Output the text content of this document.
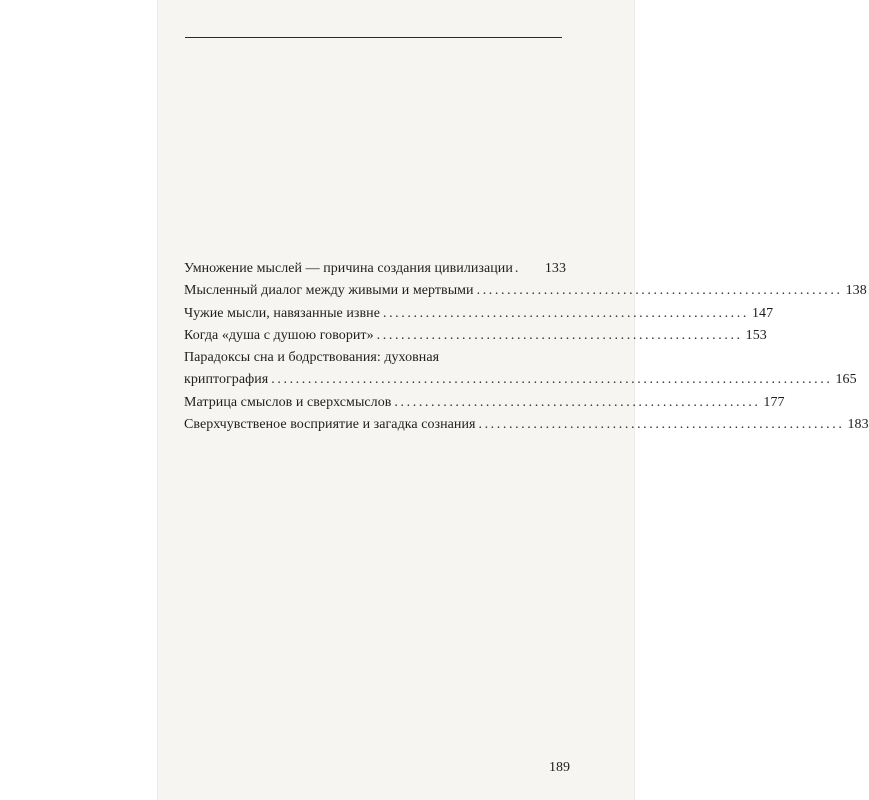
Умножение мыслей — причина создания цивилизации .	133
Мысленный диалог между живыми и мертвыми ............................................................ 138
Чужие мысли, навязанные извне ............................................................ 147
Когда «душа с душою говорит» ............................................................ 153
Парадоксы сна и бодрствования: духовная
криптография ............................................................................................ 165
Матрица смыслов и сверхсмыслов ............................................................ 177
Сверхчувственое восприятие и загадка сознания ............................................................ 183
189
